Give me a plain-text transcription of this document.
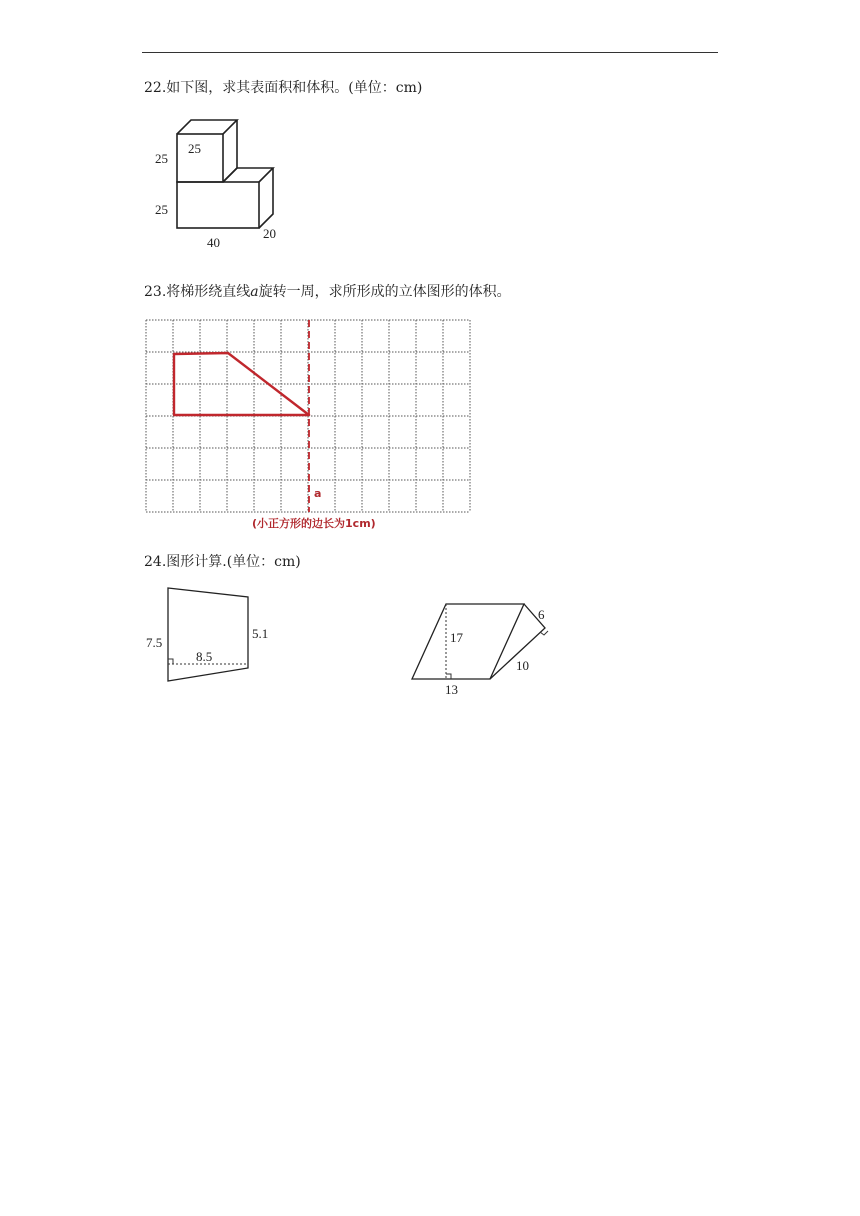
22.如下图，求其表面积和体积。(单位：cm)
25
25
25
40
20
23.将梯形绕直线a旋转一周，求所形成的立体图形的体积。
a
(小正方形的边长为1cm)
24.图形计算.(单位：cm)
7.5
5.1
8.5
17
13
6
10
